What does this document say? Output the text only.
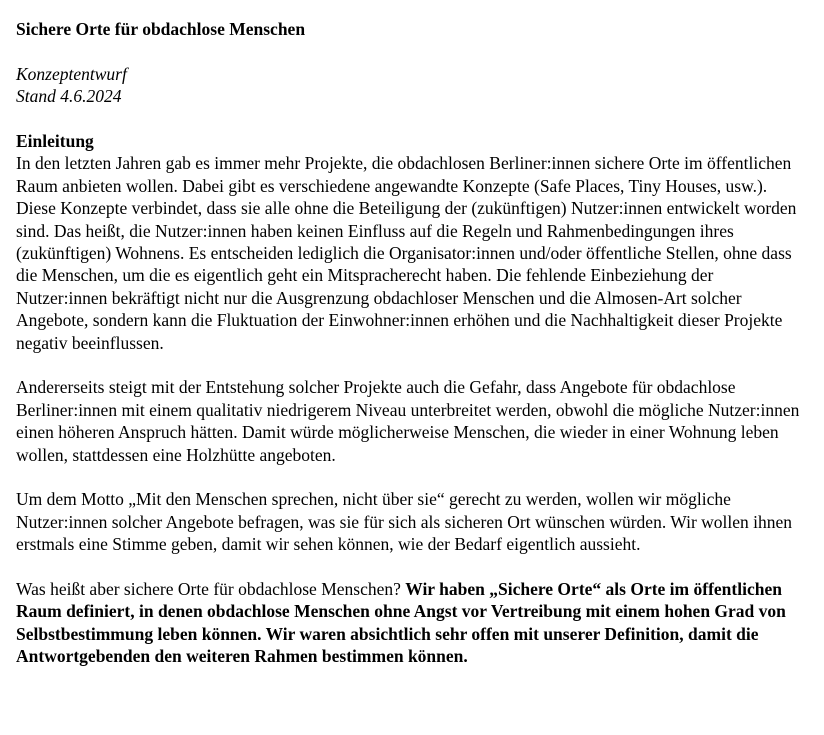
Sichere Orte für obdachlose Menschen

Konzeptentwurf

Stand 4.6.2024

Einleitung

In den letzten Jahren gab es immer mehr Projekte, die obdachlosen Berliner:innen sichere Orte im öffentlichen Raum anbieten wollen. Dabei gibt es verschiedene angewandte Konzepte (Safe Places, Tiny Houses, usw.). Diese Konzepte verbindet, dass sie alle ohne die Beteiligung der (zukünftigen) Nutzer:innen entwickelt worden sind. Das heißt, die Nutzer:innen haben keinen Einfluss auf die Regeln und Rahmenbedingungen ihres (zukünftigen) Wohnens. Es entscheiden lediglich die Organisator:innen und/oder öffentliche Stellen, ohne dass die Menschen, um die es eigentlich geht ein Mitspracherecht haben. Die fehlende Einbeziehung der Nutzer:innen bekräftigt nicht nur die Ausgrenzung obdachloser Menschen und die Almosen-Art solcher Angebote, sondern kann die Fluktuation der Einwohner:innen erhöhen und die Nachhaltigkeit dieser Projekte negativ beeinflussen.

Andererseits steigt mit der Entstehung solcher Projekte auch die Gefahr, dass Angebote für obdachlose Berliner:innen mit einem qualitativ niedrigerem Niveau unterbreitet werden, obwohl die mögliche Nutzer:innen einen höheren Anspruch hätten. Damit würde möglicherweise Menschen, die wieder in einer Wohnung leben wollen, stattdessen eine Holzhütte angeboten.

Um dem Motto „Mit den Menschen sprechen, nicht über sie“ gerecht zu werden, wollen wir mögliche Nutzer:innen solcher Angebote befragen, was sie für sich als sicheren Ort wünschen würden. Wir wollen ihnen erstmals eine Stimme geben, damit wir sehen können, wie der Bedarf eigentlich aussieht.

Was heißt aber sichere Orte für obdachlose Menschen? Wir haben „Sichere Orte“ als Orte im öffentlichen Raum definiert, in denen obdachlose Menschen ohne Angst vor Vertreibung mit einem hohen Grad von Selbstbestimmung leben können. Wir waren absichtlich sehr offen mit unserer Definition, damit die Antwortgebenden den weiteren Rahmen bestimmen können.
